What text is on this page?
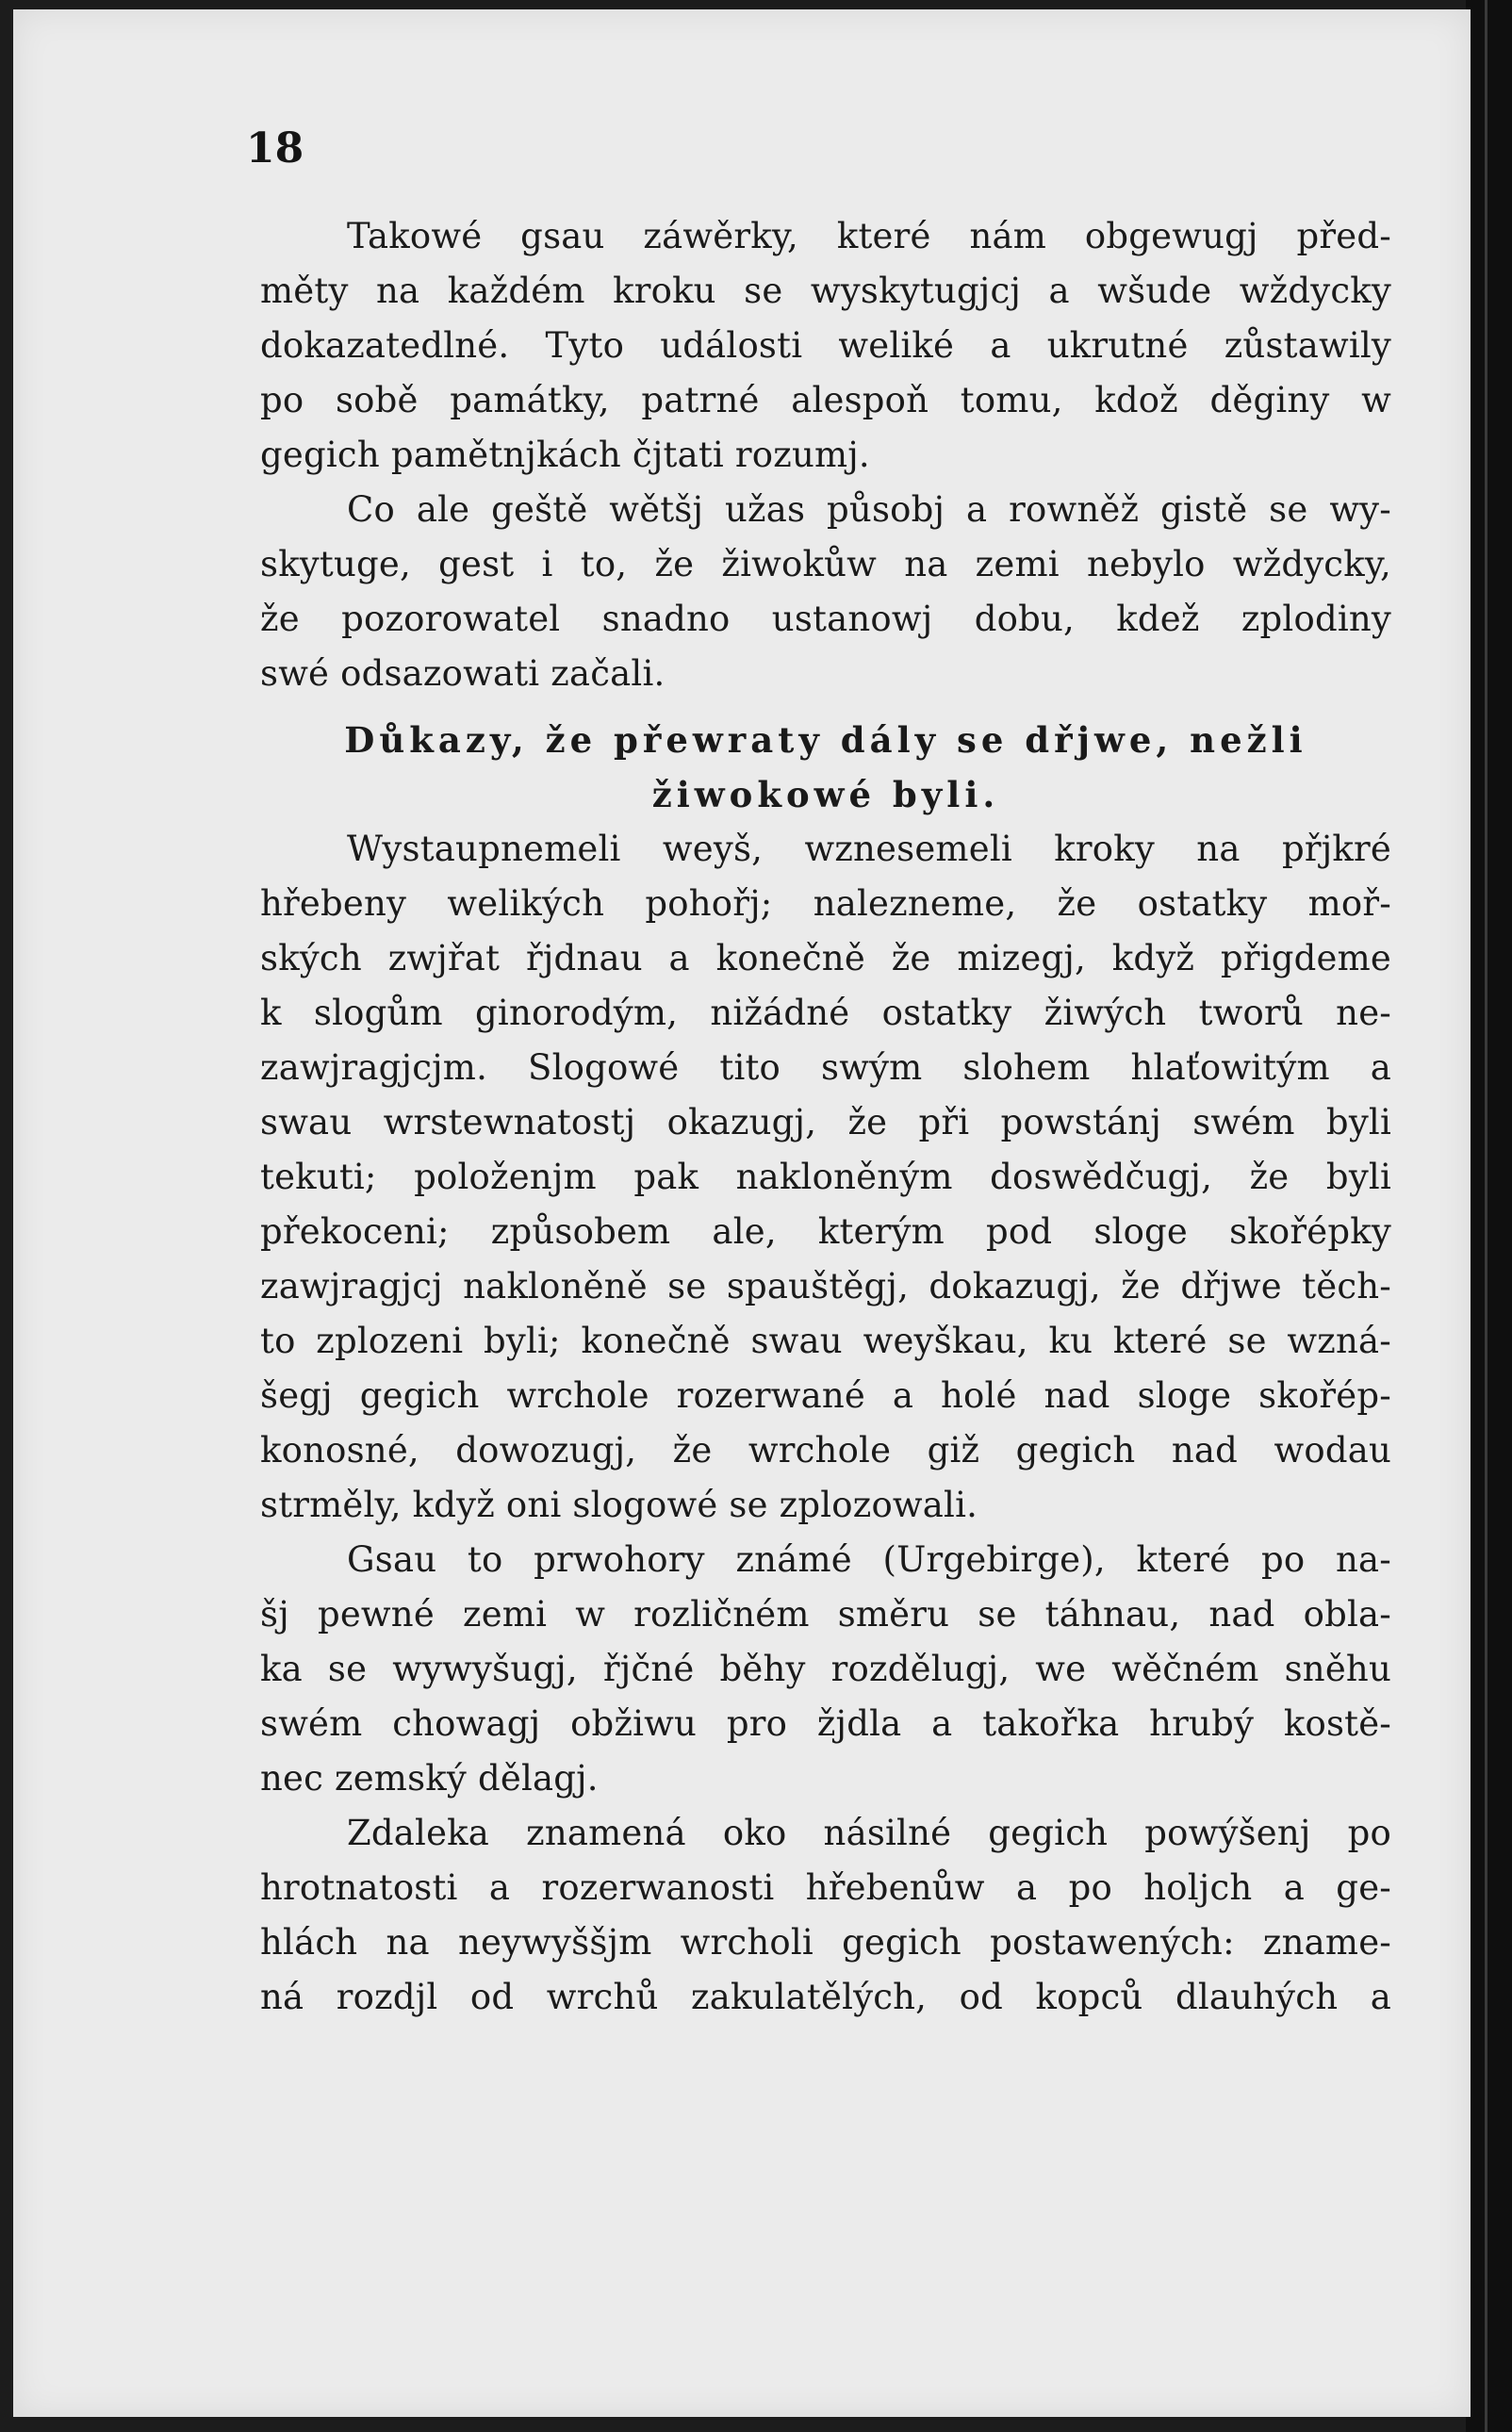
18
Takowé gsau záwěrky, které nám obgewugj před-
měty na každém kroku se wyskytugjcj a wšude wždycky
dokazatedlné. Tyto události weliké a ukrutné zůstawily
po sobě památky, patrné alespoň tomu, kdož děginy w
gegich pamětnjkách čjtati rozumj.
Co ale geště wětšj užas působj a rowněž gistě se wy-
skytuge, gest i to, že žiwokůw na zemi nebylo wždycky,
že pozorowatel snadno ustanowj dobu, kdež zplodiny
swé odsazowati začali.
Důkazy, že přewraty dály se dřjwe, nežli
žiwokowé byli.
Wystaupnemeli weyš, wznesemeli kroky na přjkré
hřebeny welikých pohořj; nalezneme, že ostatky moř-
ských zwjřat řjdnau a konečně že mizegj, když přigdeme
k slogům ginorodým, nižádné ostatky žiwých tworů ne-
zawjragjcjm. Slogowé tito swým slohem hlaťowitým a
swau wrstewnatostj okazugj, že při powstánj swém byli
tekuti; položenjm pak nakloněným doswědčugj, že byli
překoceni; způsobem ale, kterým pod sloge skořépky
zawjragjcj nakloněně se spauštěgj, dokazugj, že dřjwe těch-
to zplozeni byli; konečně swau weyškau, ku které se wzná-
šegj gegich wrchole rozerwané a holé nad sloge skořép-
konosné, dowozugj, že wrchole giž gegich nad wodau
strměly, když oni slogowé se zplozowali.
Gsau to prwohory známé (Urgebirge), které po na-
šj pewné zemi w rozličném směru se táhnau, nad obla-
ka se wywyšugj, řjčné běhy rozdělugj, we wěčném sněhu
swém chowagj obžiwu pro žjdla a takořka hrubý kostě-
nec zemský dělagj.
Zdaleka znamená oko násilné gegich powýšenj po
hrotnatosti a rozerwanosti hřebenůw a po holjch a ge-
hlách na neywyššjm wrcholi gegich postawených: zname-
ná rozdjl od wrchů zakulatělých, od kopců dlauhých a
